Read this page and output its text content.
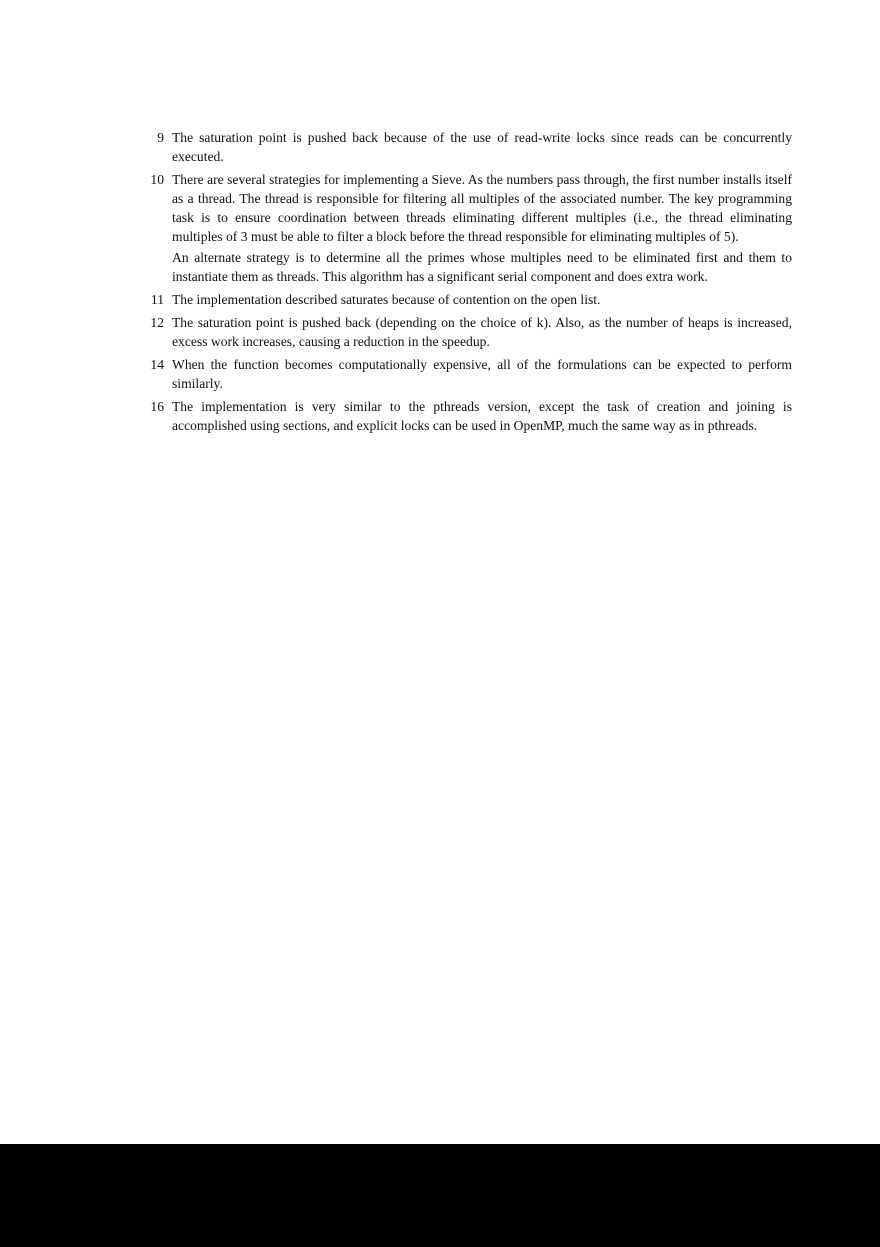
9 The saturation point is pushed back because of the use of read-write locks since reads can be concurrently executed.

10 There are several strategies for implementing a Sieve. As the numbers pass through, the first number installs itself as a thread. The thread is responsible for filtering all multiples of the associated number. The key programming task is to ensure coordination between threads eliminating different multiples (i.e., the thread eliminating multiples of 3 must be able to filter a block before the thread responsible for eliminating multiples of 5).

An alternate strategy is to determine all the primes whose multiples need to be eliminated first and them to instantiate them as threads. This algorithm has a significant serial component and does extra work.

11 The implementation described saturates because of contention on the open list.

12 The saturation point is pushed back (depending on the choice of k). Also, as the number of heaps is increased, excess work increases, causing a reduction in the speedup.

14 When the function becomes computationally expensive, all of the formulations can be expected to perform similarly.

16 The implementation is very similar to the pthreads version, except the task of creation and joining is accomplished using sections, and explicit locks can be used in OpenMP, much the same way as in pthreads.
